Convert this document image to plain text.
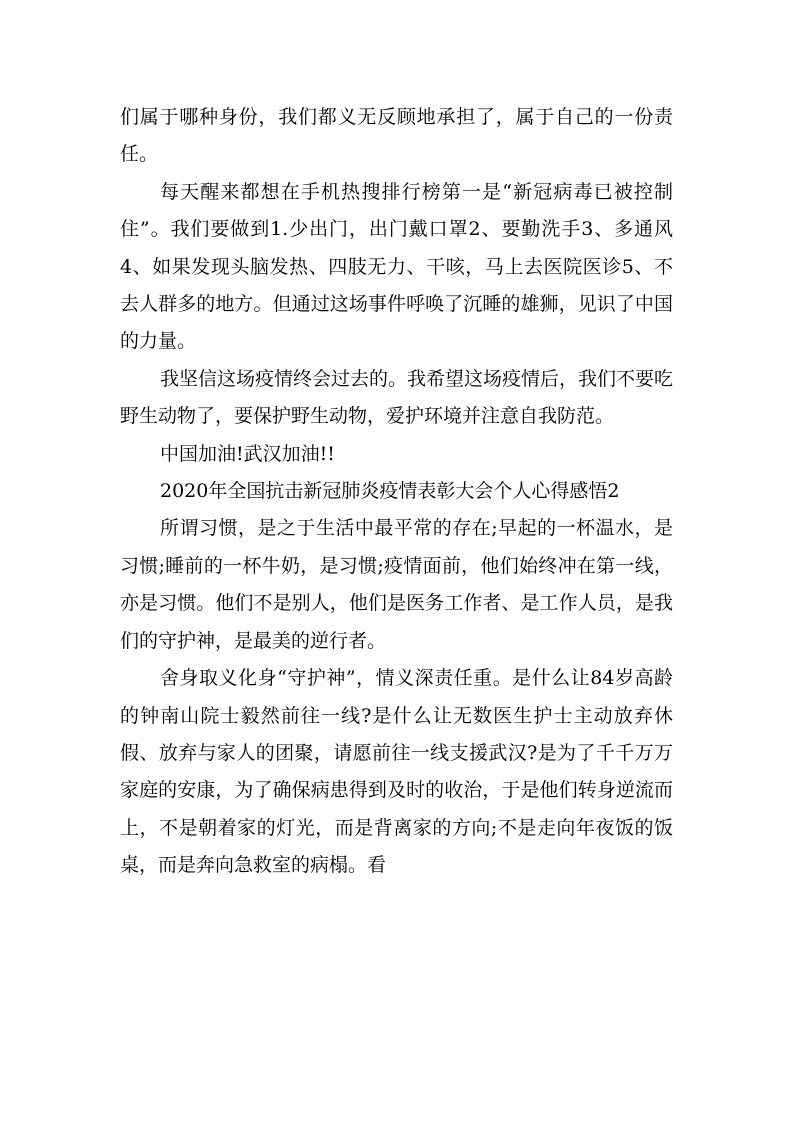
们属于哪种身份，我们都义无反顾地承担了，属于自己的一份责任。

每天醒来都想在手机热搜排行榜第一是“新冠病毒已被控制住”。我们要做到1.少出门，出门戴口罩2、要勤洗手3、多通风4、如果发现头脑发热、四肢无力、干咳，马上去医院医诊5、不去人群多的地方。但通过这场事件呼唤了沉睡的雄狮，见识了中国的力量。

我坚信这场疫情终会过去的。我希望这场疫情后，我们不要吃野生动物了，要保护野生动物，爱护环境并注意自我防范。

中国加油!武汉加油!!

2020年全国抗击新冠肺炎疫情表彰大会个人心得感悟2

所谓习惯，是之于生活中最平常的存在;早起的一杯温水，是习惯;睡前的一杯牛奶，是习惯;疫情面前，他们始终冲在第一线，亦是习惯。他们不是别人，他们是医务工作者、是工作人员，是我们的守护神，是最美的逆行者。

舍身取义化身“守护神”，情义深责任重。是什么让84岁高龄的钟南山院士毅然前往一线?是什么让无数医生护士主动放弃休假、放弃与家人的团聚，请愿前往一线支援武汉?是为了千千万万家庭的安康，为了确保病患得到及时的收治，于是他们转身逆流而上，不是朝着家的灯光，而是背离家的方向;不是走向年夜饭的饭桌，而是奔向急救室的病榻。看
